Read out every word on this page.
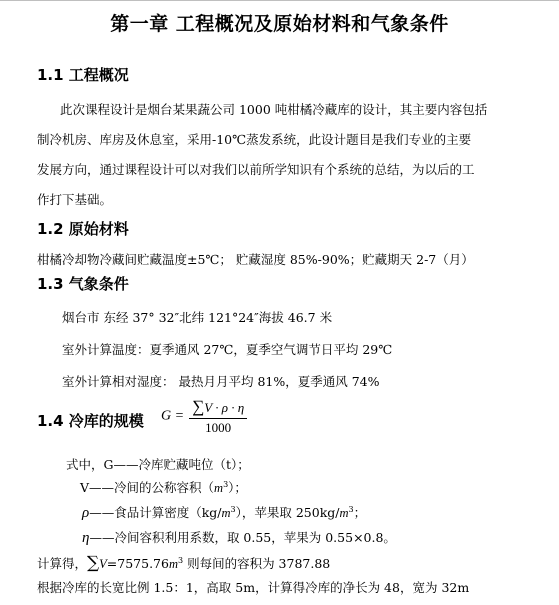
第一章 工程概况及原始材料和气象条件
1.1 工程概况
此次课程设计是烟台某果蔬公司 1000 吨柑橘冷藏库的设计，其主要内容包括
制冷机房、库房及休息室，采用-10℃蒸发系统，此设计题目是我们专业的主要
发展方向，通过课程设计可以对我们以前所学知识有个系统的总结，为以后的工
作打下基础。
1.2 原始材料
柑橘冷却物冷藏间贮藏温度±5℃； 贮藏湿度 85%-90%；贮藏期天 2-7（月）
1.3 气象条件
烟台市 东经 37° 32″北纬 121°24″海拔 46.7 米
室外计算温度：夏季通风 27℃，夏季空气调节日平均 29℃
室外计算相对湿度： 最热月月平均 81%，夏季通风 74%
1.4 冷库的规模 $G = \frac{\sum V \cdot \rho \cdot \eta}{1000}$
式中，G——冷库贮藏吨位（t）；
V——冷间的公称容积$(m^3)$；
ρ——食品计算密度$(kg/m^3)$，苹果取 $250kg/m^3$；
η——冷间容积利用系数，取 0.55，苹果为 0.55×0.8。
计算得，$\sum V=7575.76m^3$ 则每间的容积为 3787.88
根据冷库的长宽比例 1.5：1，高取 5m，计算得冷库的净长为 48，宽为 32m
